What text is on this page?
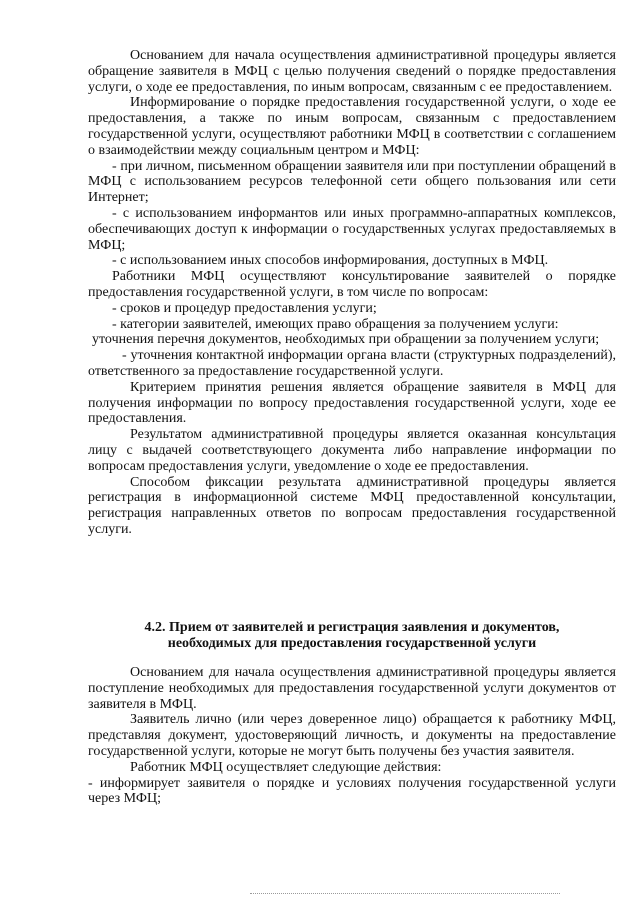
Основанием для начала осуществления административной процедуры является обращение заявителя в МФЦ с целью получения сведений о порядке предоставления услуги, о ходе ее предоставления, по иным вопросам, связанным с ее предоставлением.

Информирование о порядке предоставления государственной услуги, о ходе ее предоставления, а также по иным вопросам, связанным с предоставлением государственной услуги, осуществляют работники МФЦ в соответствии с соглашением о взаимодействии между социальным центром и МФЦ:

- при личном, письменном обращении заявителя или при поступлении обращений в МФЦ с использованием ресурсов телефонной сети общего пользования или сети Интернет;

- с использованием информантов или иных программно-аппаратных комплексов, обеспечивающих доступ к информации о государственных услугах предоставляемых в МФЦ;

- с использованием иных способов информирования, доступных в МФЦ.

Работники МФЦ осуществляют консультирование заявителей о порядке предоставления государственной услуги, в том числе по вопросам:

- сроков и процедур предоставления услуги;

- категории заявителей, имеющих право обращения за получением услуги:

уточнения перечня документов, необходимых при обращении за получением услуги;

- уточнения контактной информации органа власти (структурных подразделений), ответственного за предоставление государственной услуги.

Критерием принятия решения является обращение заявителя в МФЦ для получения информации по вопросу предоставления государственной услуги, ходе ее предоставления.

Результатом административной процедуры является оказанная консультация лицу с выдачей соответствующего документа либо направление информации по вопросам предоставления услуги, уведомление о ходе ее предоставления.

Способом фиксации результата административной процедуры является регистрация в информационной системе МФЦ предоставленной консультации, регистрация направленных ответов по вопросам предоставления государственной услуги.

4.2. Прием от заявителей и регистрация заявления и документов,
необходимых для предоставления государственной услуги

Основанием для начала осуществления административной процедуры является поступление необходимых для предоставления государственной услуги документов от заявителя в МФЦ.

Заявитель лично (или через доверенное лицо) обращается к работнику МФЦ, представляя документ, удостоверяющий личность, и документы на предоставление государственной услуги, которые не могут быть получены без участия заявителя.

Работник МФЦ осуществляет следующие действия:

- информирует заявителя о порядке и условиях получения государственной услуги через МФЦ;
